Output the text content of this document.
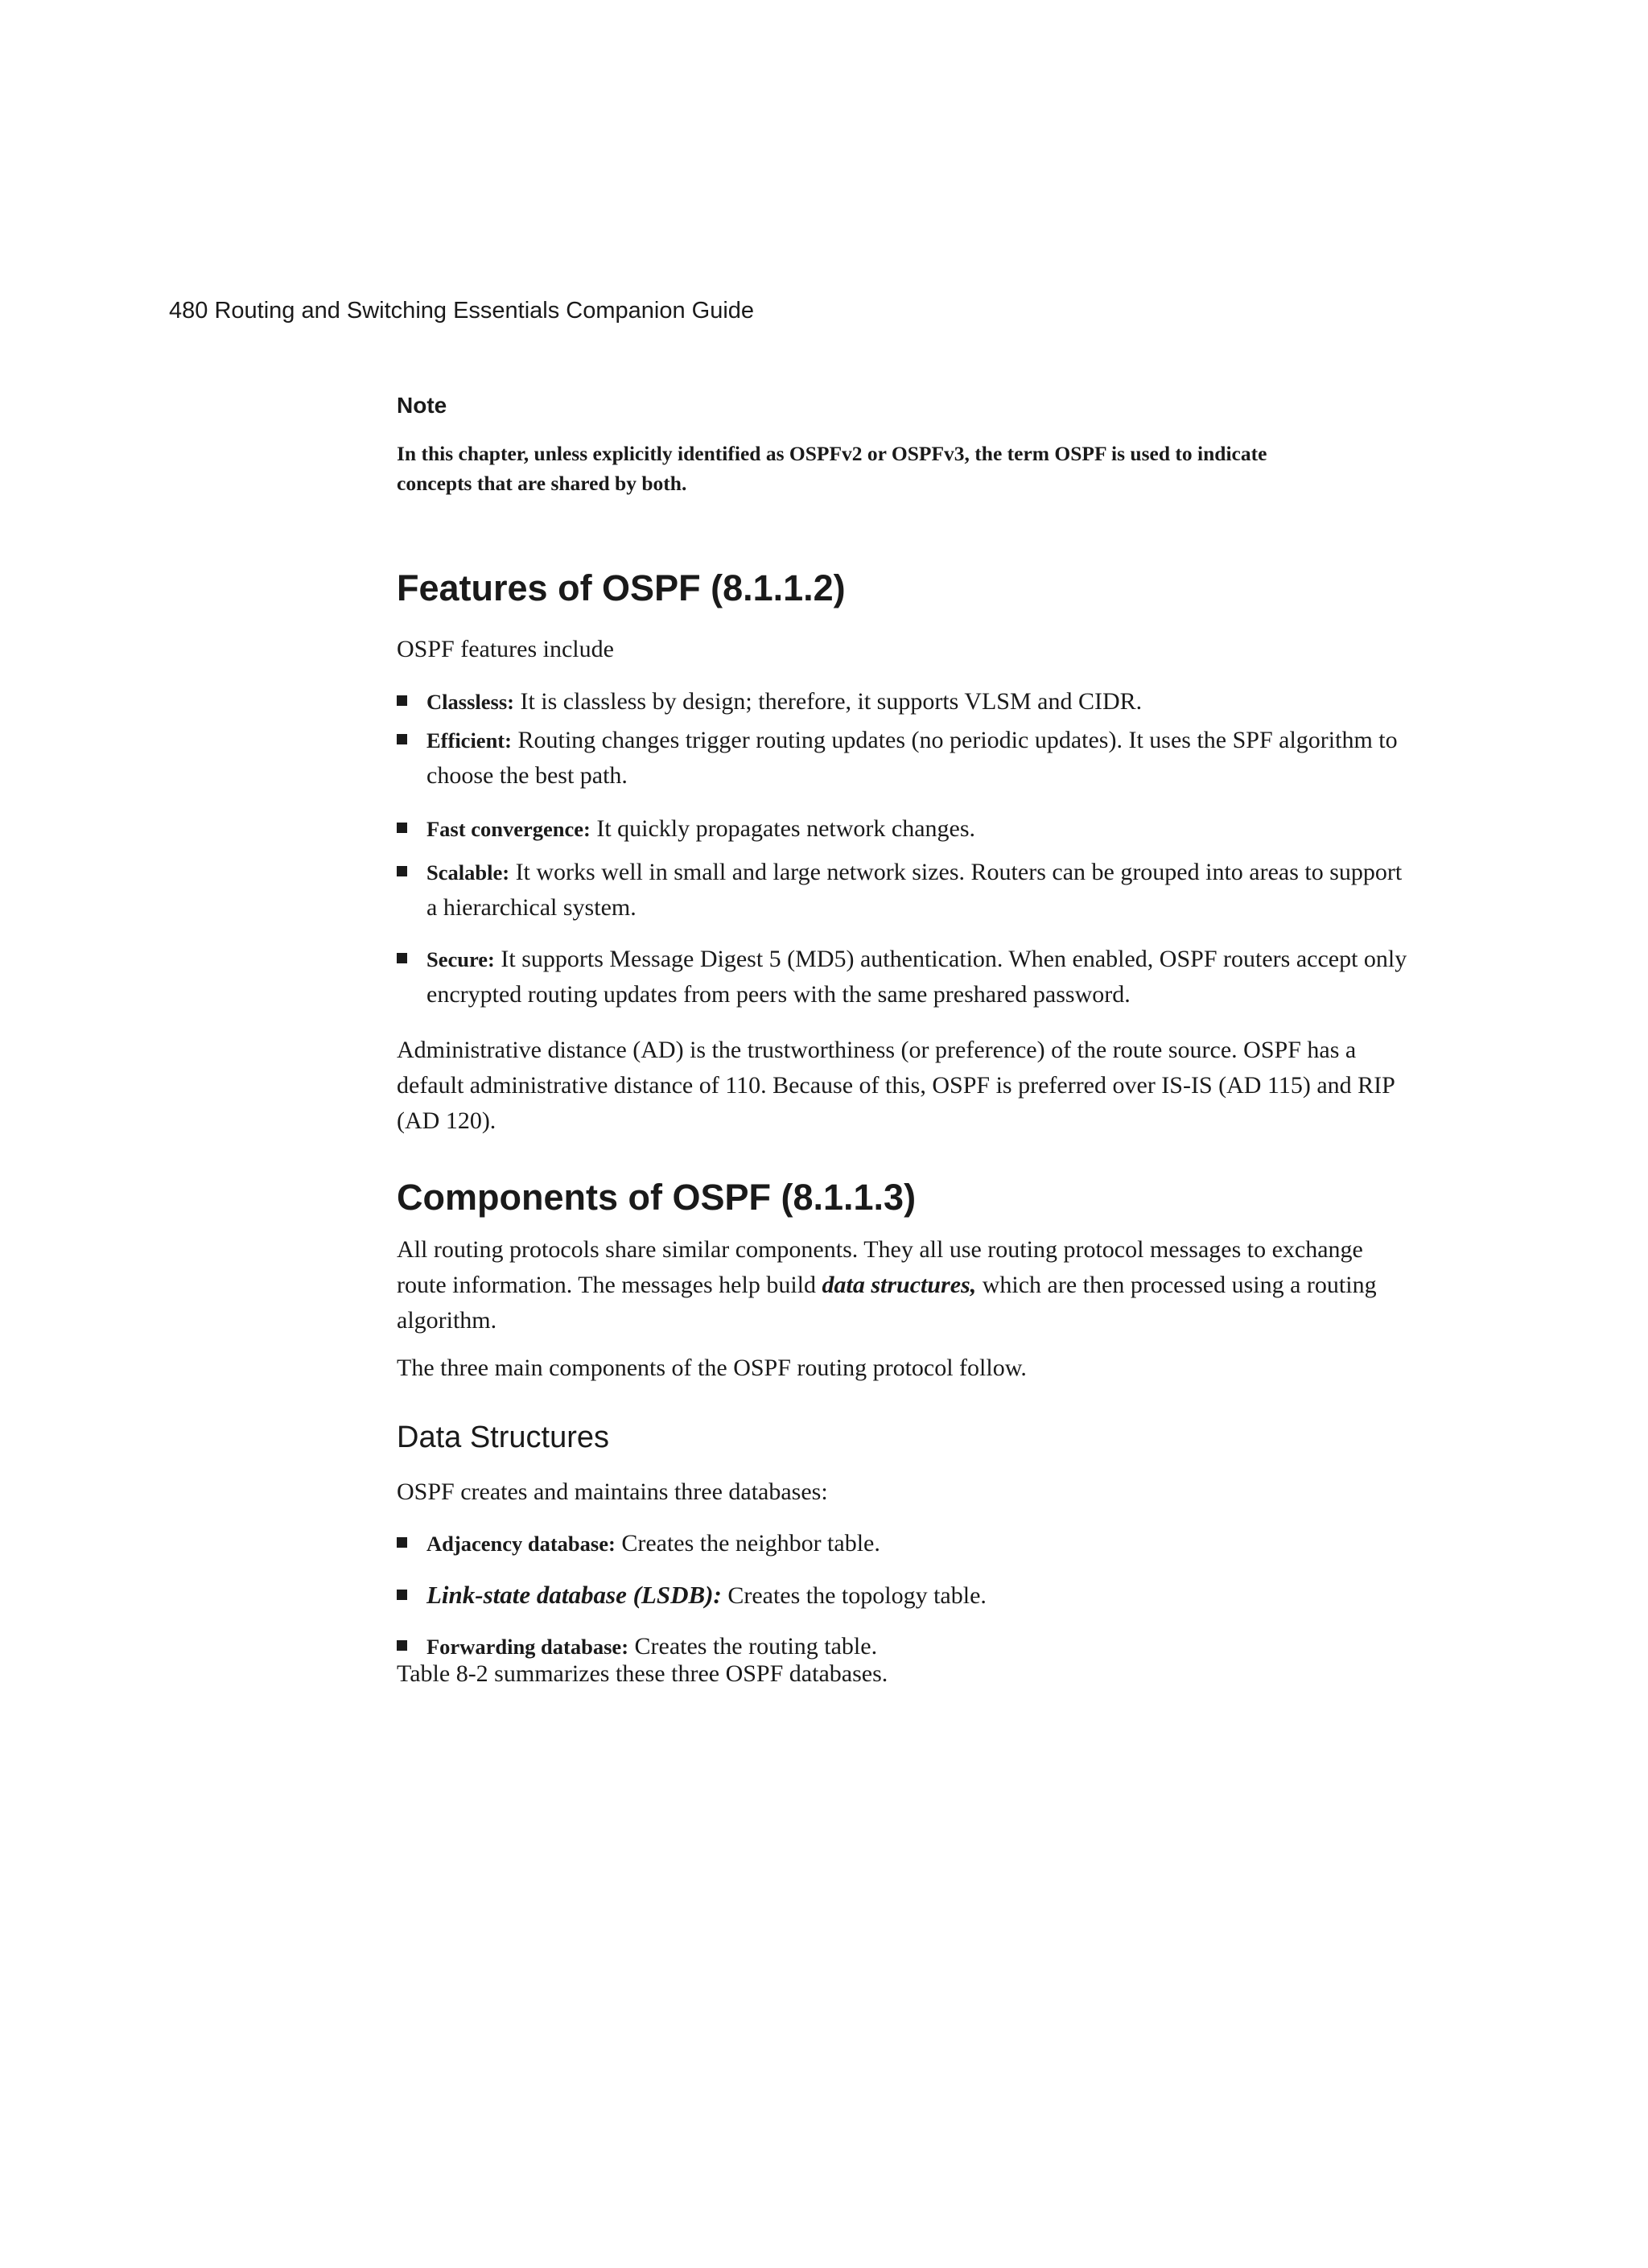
480 Routing and Switching Essentials Companion Guide
Note
In this chapter, unless explicitly identified as OSPFv2 or OSPFv3, the term OSPF is used to indicate
concepts that are shared by both.
Features of OSPF (8.1.1.2)
OSPF features include
Classless: It is classless by design; therefore, it supports VLSM and CIDR.
Efficient: Routing changes trigger routing updates (no periodic updates). It uses the SPF algorithm to choose the best path.
Fast convergence: It quickly propagates network changes.
Scalable: It works well in small and large network sizes. Routers can be grouped into areas to support a hierarchical system.
Secure: It supports Message Digest 5 (MD5) authentication. When enabled, OSPF routers accept only encrypted routing updates from peers with the same preshared password.
Administrative distance (AD) is the trustworthiness (or preference) of the route source. OSPF has a default administrative distance of 110. Because of this, OSPF is preferred over IS-IS (AD 115) and RIP (AD 120).
Components of OSPF (8.1.1.3)
All routing protocols share similar components. They all use routing protocol messages to exchange route information. The messages help build data structures, which are then processed using a routing algorithm.
The three main components of the OSPF routing protocol follow.
Data Structures
OSPF creates and maintains three databases:
Adjacency database: Creates the neighbor table.
Link-state database (LSDB): Creates the topology table.
Forwarding database: Creates the routing table.
Table 8-2 summarizes these three OSPF databases.
